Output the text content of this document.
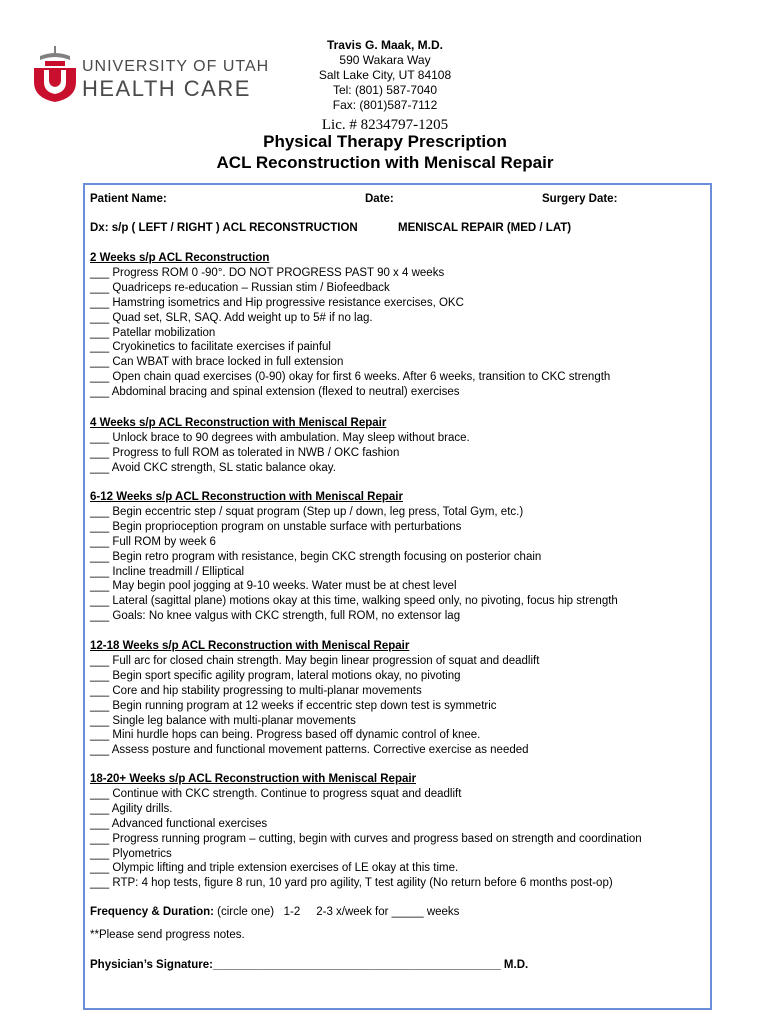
UNIVERSITY OF UTAH
HEALTH CARE
Travis G. Maak, M.D.
590 Wakara Way
Salt Lake City, UT 84108
Tel: (801) 587-7040
Fax: (801)587-7112
Lic. # 8234797-1205
Physical Therapy Prescription
ACL Reconstruction with Meniscal Repair
Patient Name:	Date:	Surgery Date:
Dx: s/p ( LEFT / RIGHT ) ACL RECONSTRUCTION	MENISCAL REPAIR (MED / LAT)
2 Weeks s/p ACL Reconstruction
___ Progress ROM 0 -90°. DO NOT PROGRESS PAST 90 x 4 weeks
___ Quadriceps re-education – Russian stim / Biofeedback
___ Hamstring isometrics and Hip progressive resistance exercises, OKC
___ Quad set, SLR, SAQ. Add weight up to 5# if no lag.
___ Patellar mobilization
___ Cryokinetics to facilitate exercises if painful
___ Can WBAT with brace locked in full extension
___ Open chain quad exercises (0-90) okay for first 6 weeks. After 6 weeks, transition to CKC strength
___ Abdominal bracing and spinal extension (flexed to neutral) exercises
4 Weeks s/p ACL Reconstruction with Meniscal Repair
___ Unlock brace to 90 degrees with ambulation. May sleep without brace.
___ Progress to full ROM as tolerated in NWB / OKC fashion
___ Avoid CKC strength, SL static balance okay.
6-12 Weeks s/p ACL Reconstruction with Meniscal Repair
___ Begin eccentric step / squat program (Step up / down, leg press, Total Gym, etc.)
___ Begin proprioception program on unstable surface with perturbations
___ Full ROM by week 6
___ Begin retro program with resistance, begin CKC strength focusing on posterior chain
___ Incline treadmill / Elliptical
___ May begin pool jogging at 9-10 weeks. Water must be at chest level
___ Lateral (sagittal plane) motions okay at this time, walking speed only, no pivoting, focus hip strength
___ Goals: No knee valgus with CKC strength, full ROM, no extensor lag
12-18 Weeks s/p ACL Reconstruction with Meniscal Repair
___ Full arc for closed chain strength. May begin linear progression of squat and deadlift
___ Begin sport specific agility program, lateral motions okay, no pivoting
___ Core and hip stability progressing to multi-planar movements
___ Begin running program at 12 weeks if eccentric step down test is symmetric
___ Single leg balance with multi-planar movements
___ Mini hurdle hops can being. Progress based off dynamic control of knee.
___ Assess posture and functional movement patterns. Corrective exercise as needed
18-20+ Weeks s/p ACL Reconstruction with Meniscal Repair
___ Continue with CKC strength. Continue to progress squat and deadlift
___ Agility drills.
___ Advanced functional exercises
___ Progress running program – cutting, begin with curves and progress based on strength and coordination
___ Plyometrics
___ Olympic lifting and triple extension exercises of LE okay at this time.
___ RTP: 4 hop tests, figure 8 run, 10 yard pro agility, T test agility (No return before 6 months post-op)
Frequency & Duration: (circle one)   1-2     2-3 x/week for _____ weeks
**Please send progress notes.
Physician’s Signature:_____________________________________________ M.D.
